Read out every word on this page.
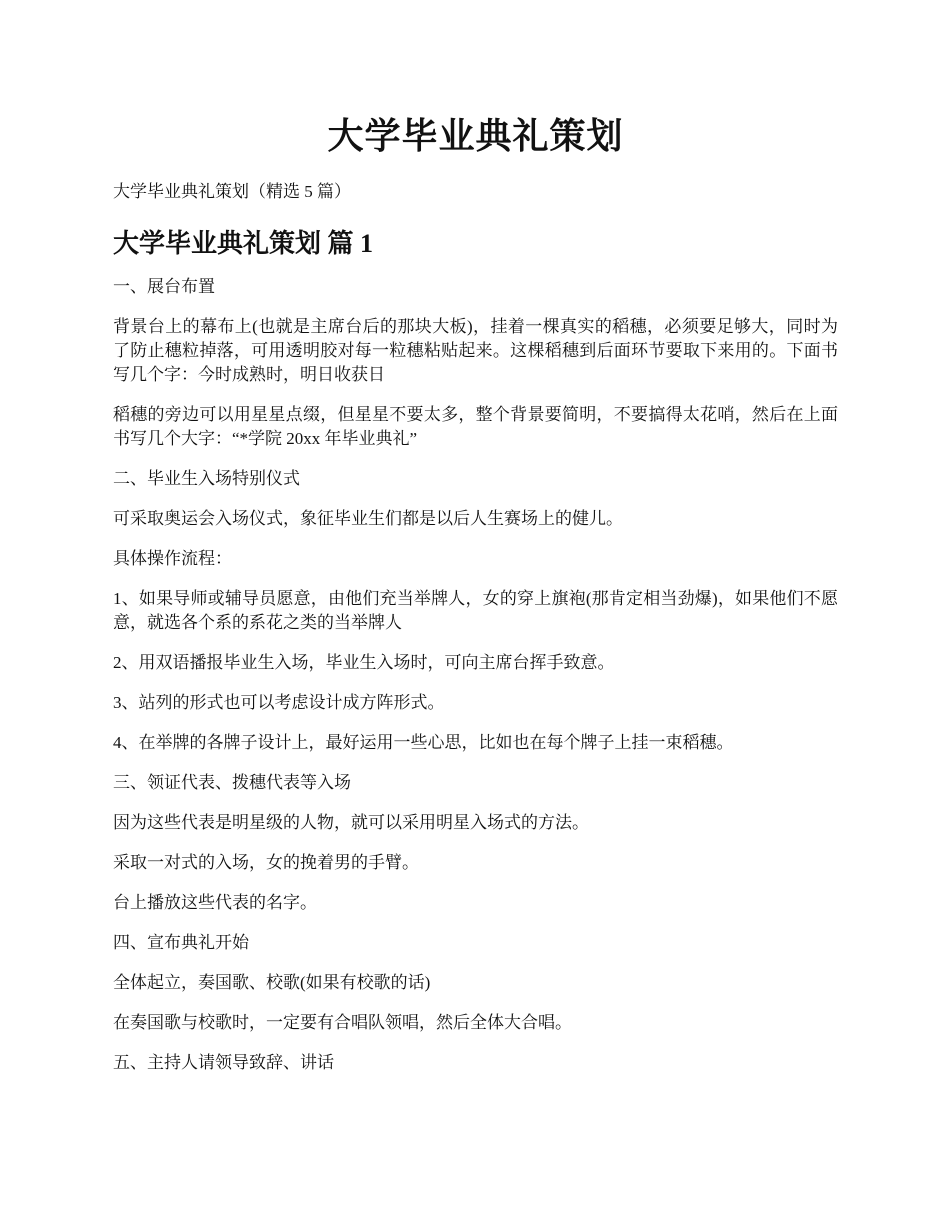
大学毕业典礼策划

大学毕业典礼策划（精选 5 篇）

大学毕业典礼策划 篇 1

一、展台布置

背景台上的幕布上(也就是主席台后的那块大板)，挂着一棵真实的稻穗，必须要足够大，同时为了防止穗粒掉落，可用透明胶对每一粒穗粘贴起来。这棵稻穗到后面环节要取下来用的。下面书写几个字：今时成熟时，明日收获日

稻穗的旁边可以用星星点缀，但星星不要太多，整个背景要简明，不要搞得太花哨，然后在上面书写几个大字：“*学院 20xx 年毕业典礼”

二、毕业生入场特别仪式

可采取奥运会入场仪式，象征毕业生们都是以后人生赛场上的健儿。

具体操作流程：

1、如果导师或辅导员愿意，由他们充当举牌人，女的穿上旗袍(那肯定相当劲爆)，如果他们不愿意，就选各个系的系花之类的当举牌人

2、用双语播报毕业生入场，毕业生入场时，可向主席台挥手致意。

3、站列的形式也可以考虑设计成方阵形式。

4、在举牌的各牌子设计上，最好运用一些心思，比如也在每个牌子上挂一束稻穗。

三、领证代表、拨穗代表等入场

因为这些代表是明星级的人物，就可以采用明星入场式的方法。

采取一对式的入场，女的挽着男的手臂。

台上播放这些代表的名字。

四、宣布典礼开始

全体起立，奏国歌、校歌(如果有校歌的话)

在奏国歌与校歌时，一定要有合唱队领唱，然后全体大合唱。

五、主持人请领导致辞、讲话
